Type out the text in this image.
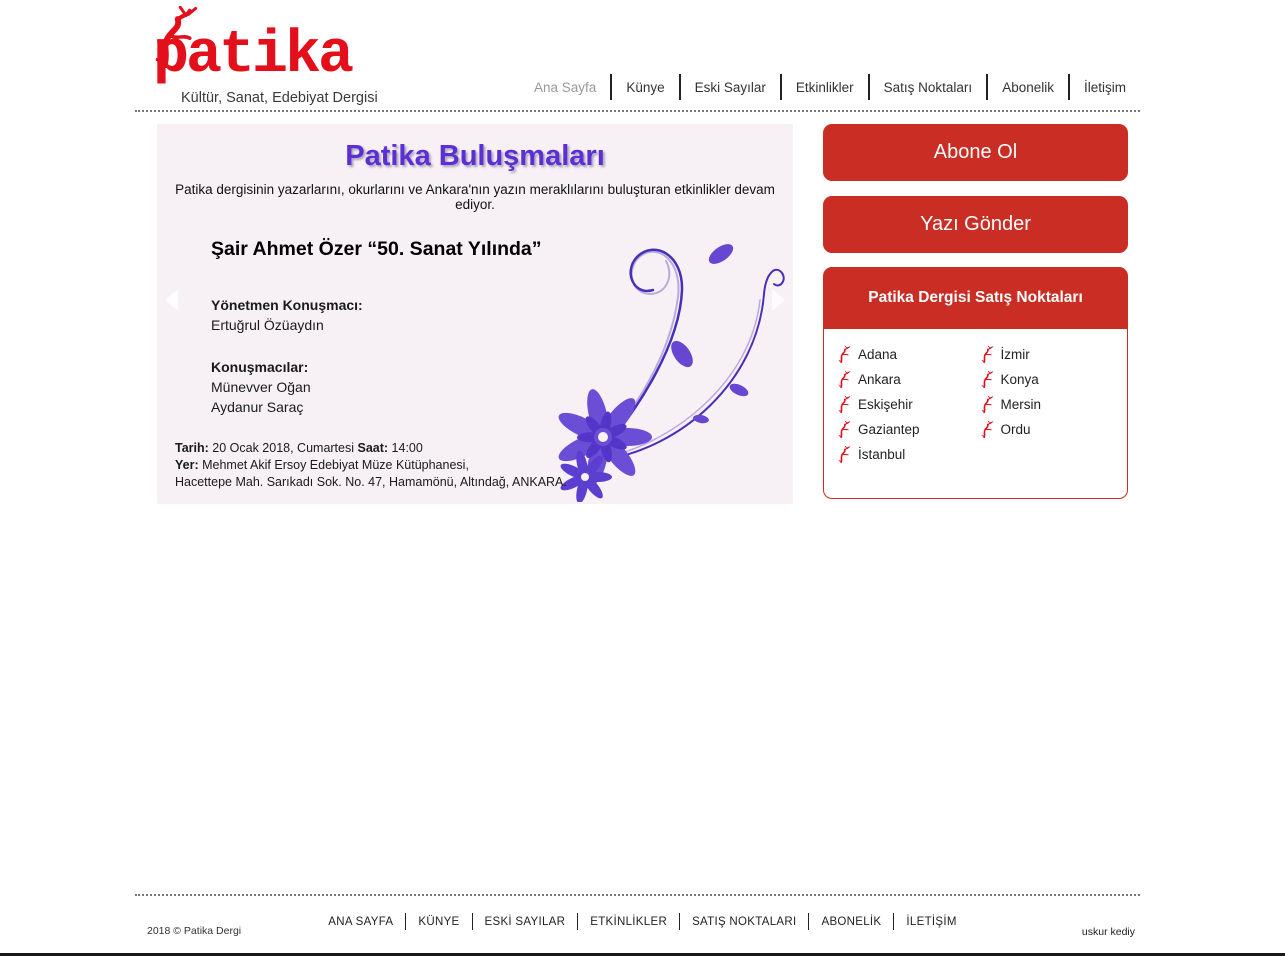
patika
Kültür, Sanat, Edebiyat Dergisi
Ana Sayfa	Künye	Eski Sayılar	Etkinlikler	Satış Noktaları	Abonelik	İletişim
Patika Buluşmaları

Patika dergisinin yazarlarını, okurlarını ve Ankara'nın yazın meraklılarını buluşturan etkinlikler devam ediyor.

Şair Ahmet Özer “50. Sanat Yılında”
Yönetmen Konuşmacı:
Ertuğrul Özüaydın
Konuşmacılar:
Münevver Oğan
Aydanur Saraç
Tarih: 20 Ocak 2018, Cumartesi Saat: 14:00
Yer: Mehmet Akif Ersoy Edebiyat Müze Kütüphanesi,
Hacettepe Mah. Sarıkadı Sok. No. 47, Hamamönü, Altındağ, ANKARA.
Abone Ol
Yazı Gönder
Patika Dergisi Satış Noktaları
Adana
Ankara
Eskişehir
Gaziantep
İstanbul
İzmir
Konya
Mersin
Ordu
2018 © Patika Dergi
ANA SAYFA	KÜNYE	ESKİ SAYILAR	ETKİNLİKLER	SATIŞ NOKTALARI	ABONELİK	İLETİŞİM
uskur kediy
